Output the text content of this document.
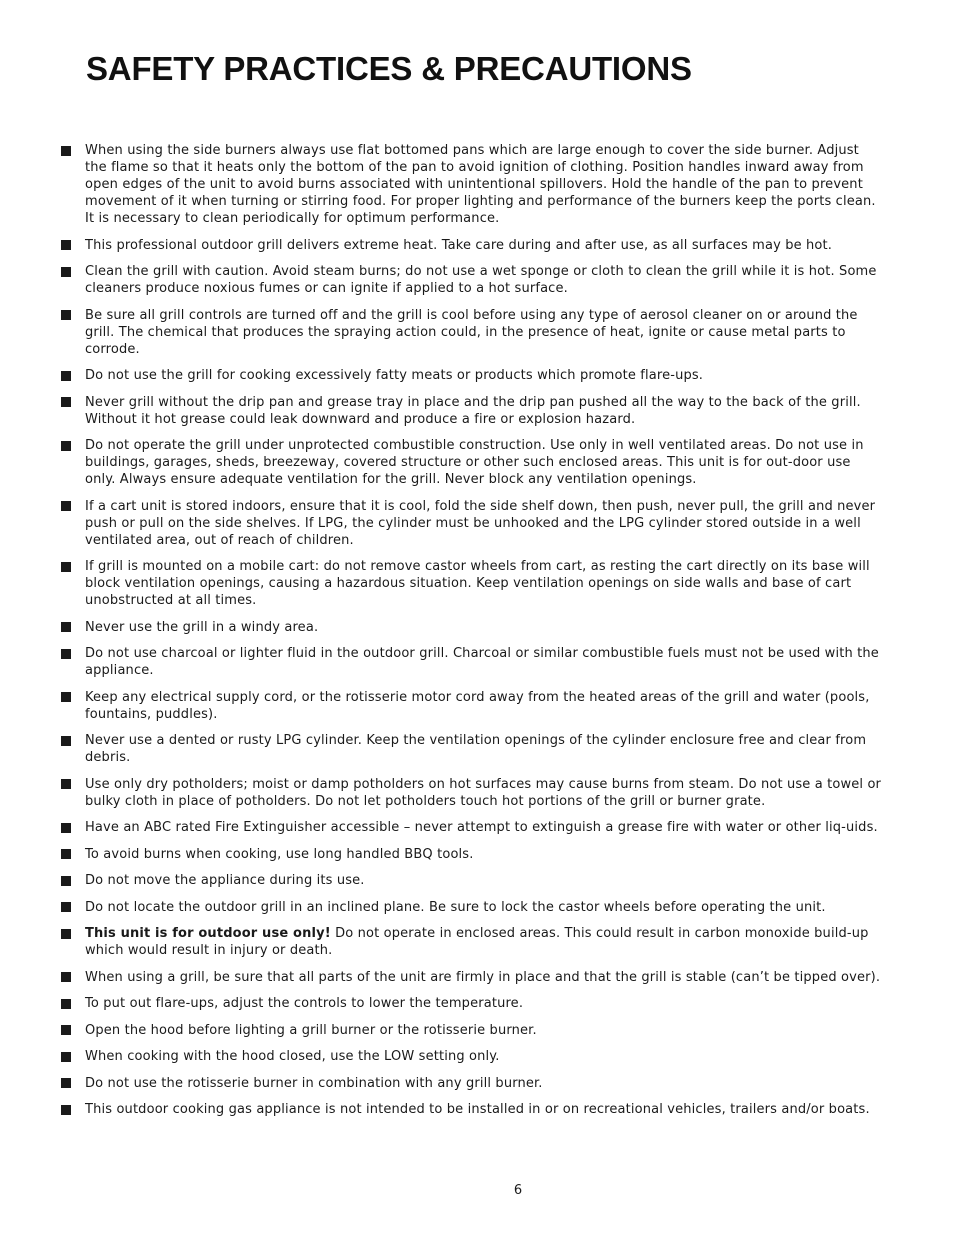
SAFETY PRACTICES & PRECAUTIONS
When using the side burners always use flat bottomed pans which are large enough to cover the side burner. Adjust the flame so that it heats only the bottom of the pan to avoid ignition of clothing. Position handles inward away from open edges of the unit to avoid burns associated with unintentional spillovers. Hold the handle of the pan to prevent movement of it when turning or stirring food. For proper lighting and performance of the burners keep the ports clean. It is necessary to clean periodically for optimum performance.
This professional outdoor grill delivers extreme heat. Take care during and after use, as all surfaces may be hot.
Clean the grill with caution. Avoid steam burns; do not use a wet sponge or cloth to clean the grill while it is hot. Some cleaners produce noxious fumes or can ignite if applied to a hot surface.
Be sure all grill controls are turned off and the grill is cool before using any type of aerosol cleaner on or around the grill. The chemical that produces the spraying action could, in the presence of heat, ignite or cause metal parts to corrode.
Do not use the grill for cooking excessively fatty meats or products which promote flare-ups.
Never grill without the drip pan and grease tray in place and the drip pan pushed all the way to the back of the grill. Without it hot grease could leak downward and produce a fire or explosion hazard.
Do not operate the grill under unprotected combustible construction. Use only in well ventilated areas. Do not use in buildings, garages, sheds, breezeway, covered structure or other such enclosed areas. This unit is for out-door use only. Always ensure adequate ventilation for the grill. Never block any ventilation openings.
If a cart unit is stored indoors, ensure that it is cool, fold the side shelf down, then push, never pull, the grill and never push or pull on the side shelves. If LPG, the cylinder must be unhooked and the LPG cylinder stored outside in a well ventilated area, out of reach of children.
If grill is mounted on a mobile cart: do not remove castor wheels from cart, as resting the cart directly on its base will block ventilation openings, causing a hazardous situation. Keep ventilation openings on side walls and base of cart unobstructed at all times.
Never use the grill in a windy area.
Do not use charcoal or lighter fluid in the outdoor grill. Charcoal or similar combustible fuels must not be used with the appliance.
Keep any electrical supply cord, or the rotisserie motor cord away from the heated areas of the grill and water (pools, fountains, puddles).
Never use a dented or rusty LPG cylinder. Keep the ventilation openings of the cylinder enclosure free and clear from debris.
Use only dry potholders; moist or damp potholders on hot surfaces may cause burns from steam. Do not use a towel or bulky cloth in place of potholders. Do not let potholders touch hot portions of the grill or burner grate.
Have an ABC rated Fire Extinguisher accessible – never attempt to extinguish a grease fire with water or other liq-uids.
To avoid burns when cooking, use long handled BBQ tools.
Do not move the appliance during its use.
Do not locate the outdoor grill in an inclined plane. Be sure to lock the castor wheels before operating the unit.
This unit is for outdoor use only! Do not operate in enclosed areas. This could result in carbon monoxide build-up which would result in injury or death.
When using a grill, be sure that all parts of the unit are firmly in place and that the grill is stable (can’t be tipped over).
To put out flare-ups, adjust the controls to lower the temperature.
Open the hood before lighting a grill burner or the rotisserie burner.
When cooking with the hood closed, use the LOW setting only.
Do not use the rotisserie burner in combination with any grill burner.
This outdoor cooking gas appliance is not intended to be installed in or on recreational vehicles, trailers and/or boats.
6
